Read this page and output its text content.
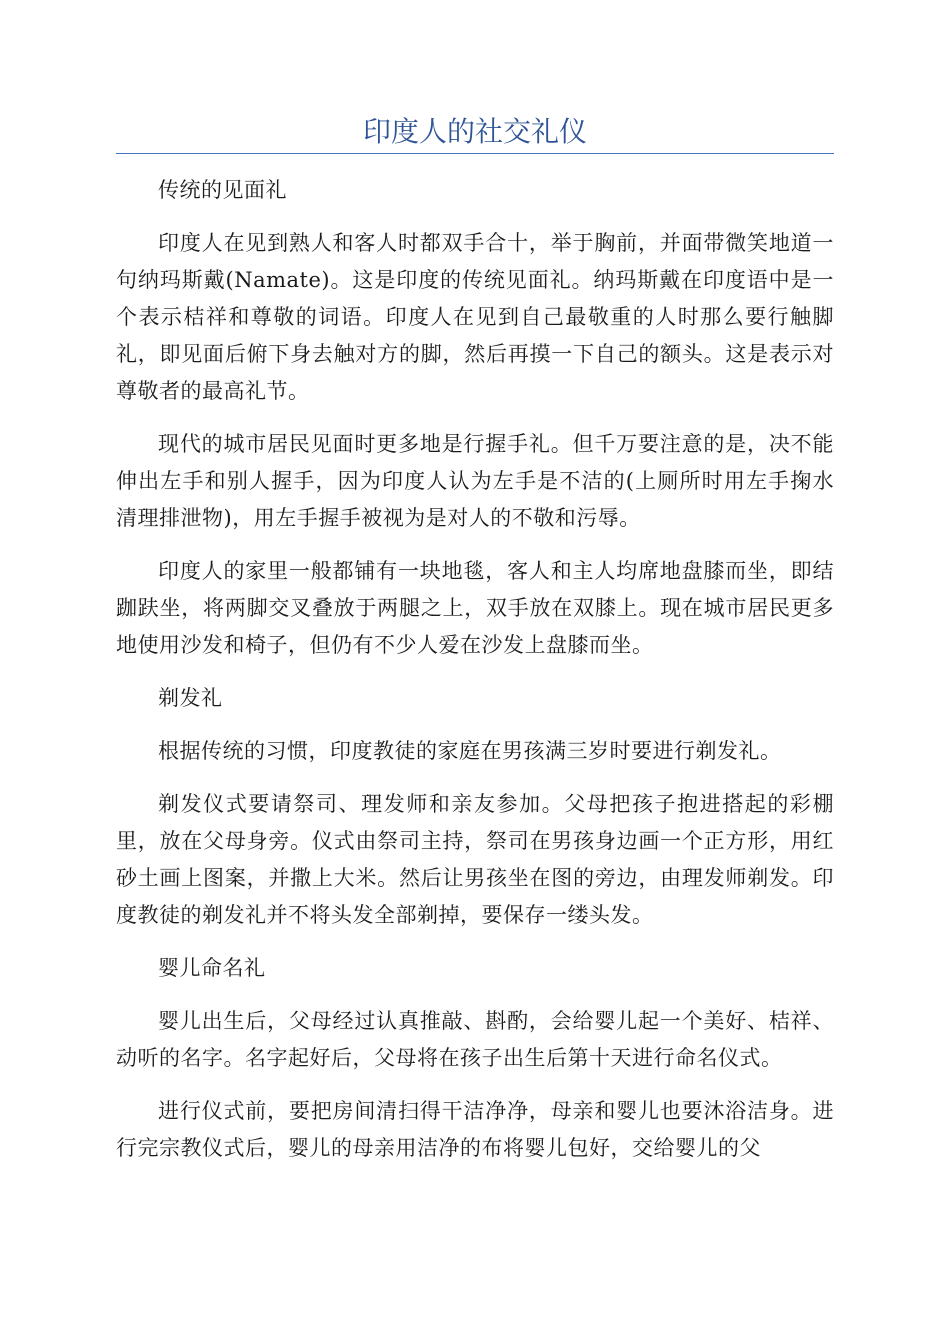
印度人的社交礼仪

传统的见面礼

印度人在见到熟人和客人时都双手合十，举于胸前，并面带微笑地道一句纳玛斯戴(Namate)。这是印度的传统见面礼。纳玛斯戴在印度语中是一个表示桔祥和尊敬的词语。印度人在见到自己最敬重的人时那么要行触脚礼，即见面后俯下身去触对方的脚，然后再摸一下自己的额头。这是表示对尊敬者的最高礼节。

现代的城市居民见面时更多地是行握手礼。但千万要注意的是，决不能伸出左手和别人握手，因为印度人认为左手是不洁的(上厕所时用左手掬水清理排泄物)，用左手握手被视为是对人的不敬和污辱。

印度人的家里一般都铺有一块地毯，客人和主人均席地盘膝而坐，即结跏趺坐，将两脚交叉叠放于两腿之上，双手放在双膝上。现在城市居民更多地使用沙发和椅子，但仍有不少人爱在沙发上盘膝而坐。

剃发礼

根据传统的习惯，印度教徒的家庭在男孩满三岁时要进行剃发礼。

剃发仪式要请祭司、理发师和亲友参加。父母把孩子抱进搭起的彩棚里，放在父母身旁。仪式由祭司主持，祭司在男孩身边画一个正方形，用红砂土画上图案，并撒上大米。然后让男孩坐在图的旁边，由理发师剃发。印度教徒的剃发礼并不将头发全部剃掉，要保存一缕头发。

婴儿命名礼

婴儿出生后，父母经过认真推敲、斟酌，会给婴儿起一个美好、桔祥、动听的名字。名字起好后，父母将在孩子出生后第十天进行命名仪式。

进行仪式前，要把房间清扫得干洁净净，母亲和婴儿也要沐浴洁身。进行完宗教仪式后，婴儿的母亲用洁净的布将婴儿包好，交给婴儿的父
